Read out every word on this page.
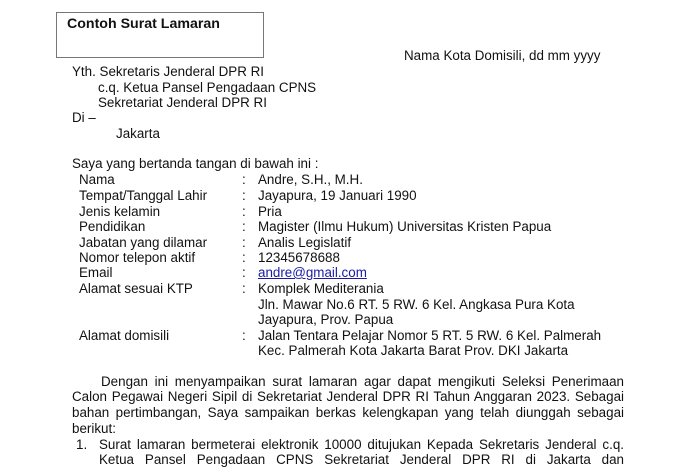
Contoh Surat Lamaran
Nama Kota Domisili, dd mm yyyy
Yth. Sekretaris Jenderal DPR RI
c.q. Ketua Pansel Pengadaan CPNS
Sekretariat Jenderal DPR RI
Di –
Jakarta
Saya yang bertanda tangan di bawah ini :
Nama	: Andre, S.H., M.H.
Tempat/Tanggal Lahir	: Jayapura, 19 Januari 1990
Jenis kelamin	: Pria
Pendidikan	: Magister (Ilmu Hukum) Universitas Kristen Papua
Jabatan yang dilamar	: Analis Legislatif
Nomor telepon aktif	: 12345678688
Email	: andre@gmail.com
Alamat sesuai KTP	: Komplek Mediterania
Jln. Mawar No.6 RT. 5 RW. 6 Kel. Angkasa Pura Kota
Jayapura, Prov. Papua
Alamat domisili	: Jalan Tentara Pelajar Nomor 5 RT. 5 RW. 6 Kel. Palmerah
Kec. Palmerah Kota Jakarta Barat Prov. DKI Jakarta
Dengan ini menyampaikan surat lamaran agar dapat mengikuti Seleksi Penerimaan
Calon Pegawai Negeri Sipil di Sekretariat Jenderal DPR RI Tahun Anggaran 2023. Sebagai
bahan pertimbangan, Saya sampaikan berkas kelengkapan yang telah diunggah sebagai
berikut:
1. Surat lamaran bermeterai elektronik 10000 ditujukan Kepada Sekretaris Jenderal c.q.
Ketua Pansel Pengadaan CPNS Sekretariat Jenderal DPR RI di Jakarta dan
